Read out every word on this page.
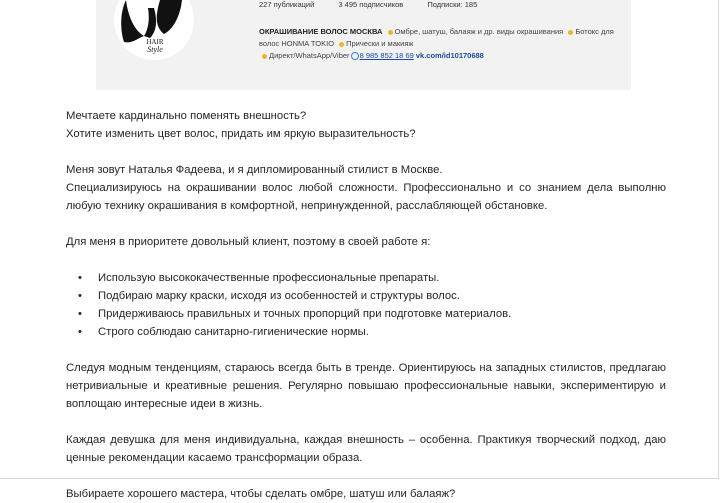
HAIR
Style
227 публикаций	3 495 подписчиков	Подписки: 185
ОКРАШИВАНИЕ ВОЛОС МОСКВА Омбре, шатуш, балаяж и др. виды окрашивания Ботокс для волос HONMA TOKIO Прически и макияж
Директ/WhatsApp/Viber 8 985 852 18 69 vk.com/id10170688

Мечтаете кардинально поменять внешность?

Хотите изменить цвет волос, придать им яркую выразительность?

Меня зовут Наталья Фадеева, и я дипломированный стилист в Москве.

Специализируюсь на окрашивании волос любой сложности. Профессионально и со знанием дела выполню любую технику окрашивания в комфортной, непринужденной, расслабляющей обстановке.

Для меня в приоритете довольный клиент, поэтому в своей работе я:

• Использую высококачественные профессиональные препараты.
• Подбираю марку краски, исходя из особенностей и структуры волос.
• Придерживаюсь правильных и точных пропорций при подготовке материалов.
• Строго соблюдаю санитарно-гигиенические нормы.

Следуя модным тенденциям, стараюсь всегда быть в тренде. Ориентируюсь на западных стилистов, предлагаю нетривиальные и креативные решения. Регулярно повышаю профессиональные навыки, экспериментирую и воплощаю интересные идеи в жизнь.

Каждая девушка для меня индивидуальна, каждая внешность – особенна. Практикуя творческий подход, даю ценные рекомендации касаемо трансформации образа.

Выбираете хорошего мастера, чтобы сделать омбре, шатуш или балаяж?
